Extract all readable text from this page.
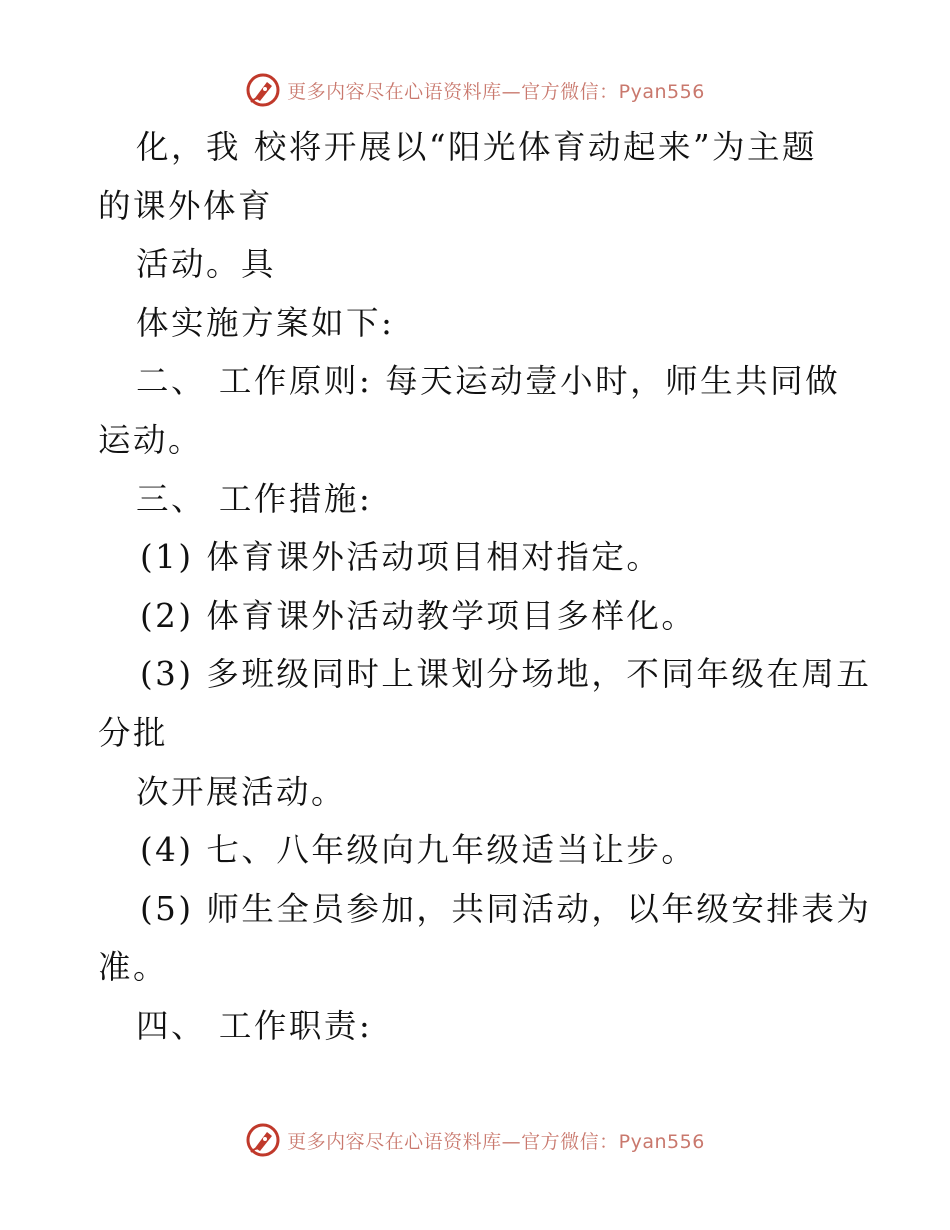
更多内容尽在心语资料库—官方微信：Pyan556
化，我 校将开展以“阳光体育动起来”为主题
的课外体育
活动。具
体实施方案如下:
二、 工作原则: 每天运动壹小时，师生共同做
运动。
三、 工作措施:
(1) 体育课外活动项目相对指定。
(2) 体育课外活动教学项目多样化。
(3) 多班级同时上课划分场地，不同年级在周五
分批
次开展活动。
(4) 七、八年级向九年级适当让步。
(5) 师生全员参加，共同活动，以年级安排表为
准。
四、 工作职责:
更多内容尽在心语资料库—官方微信：Pyan556
